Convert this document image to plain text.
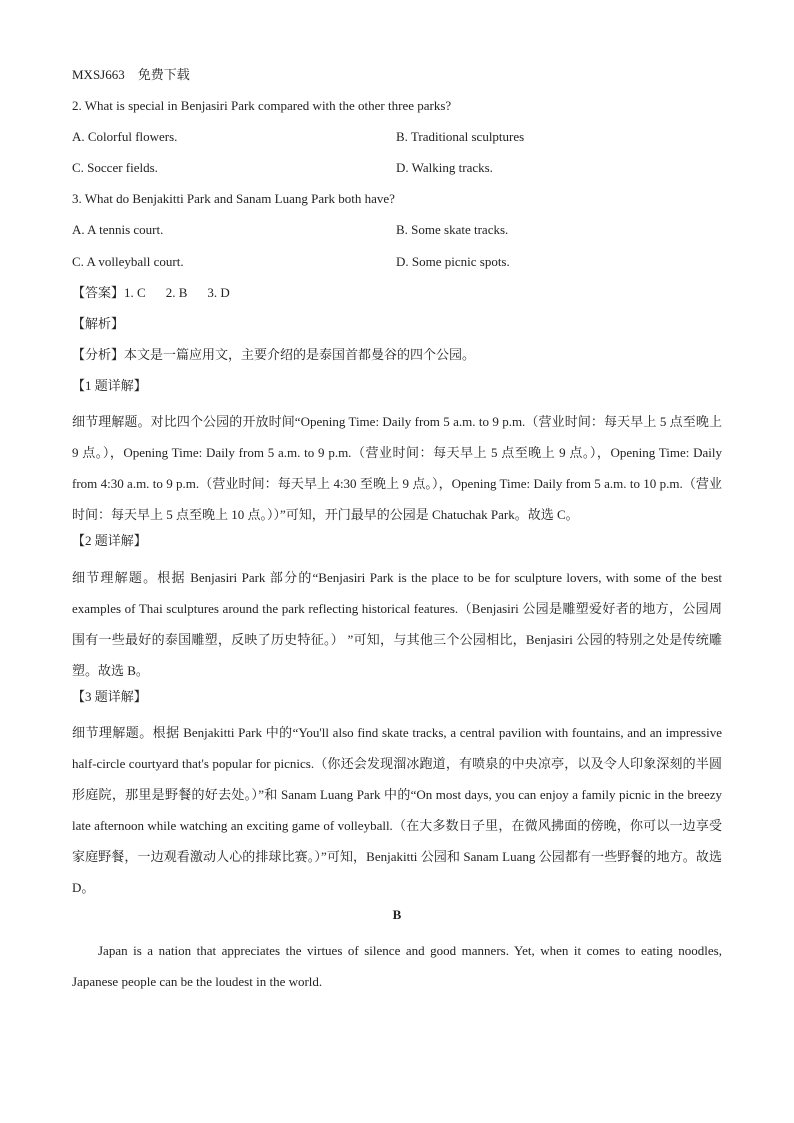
MXSJ663　免费下载
2. What is special in Benjasiri Park compared with the other three parks?
A. Colorful flowers.	B. Traditional sculptures
C. Soccer fields.	D. Walking tracks.
3. What do Benjakitti Park and Sanam Luang Park both have?
A. A tennis court.	B. Some skate tracks.
C. A volleyball court.	D. Some picnic spots.
【答案】1. C 2. B 3. D
【解析】
【分析】本文是一篇应用文，主要介绍的是泰国首都曼谷的四个公园。
【1 题详解】

细节理解题。对比四个公园的开放时间“Opening Time: Daily from 5 a.m. to 9 p.m.（营业时间：每天早上 5 点至晚上 9 点。），Opening Time: Daily from 5 a.m. to 9 p.m.（营业时间：每天早上 5 点至晚上 9 点。），Opening Time: Daily from 4:30 a.m. to 9 p.m.（营业时间：每天早上 4:30 至晚上 9 点。），Opening Time: Daily from 5 a.m. to 10 p.m.（营业时间：每天早上 5 点至晚上 10 点。））”可知，开门最早的公园是 Chatuchak Park。故选 C。

【2 题详解】

细节理解题。根据 Benjasiri Park 部分的“Benjasiri Park is the place to be for sculpture lovers, with some of the best examples of Thai sculptures around the park reflecting historical features.（Benjasiri 公园是雕塑爱好者的地方，公园周围有一些最好的泰国雕塑，反映了历史特征。） ”可知，与其他三个公园相比，Benjasiri 公园的特别之处是传统雕塑。故选 B。

【3 题详解】

细节理解题。根据 Benjakitti Park 中的“You'll also find skate tracks, a central pavilion with fountains, and an impressive half-circle courtyard that's popular for picnics.（你还会发现溜冰跑道，有喷泉的中央凉亭，以及令人印象深刻的半圆形庭院，那里是野餐的好去处。）”和 Sanam Luang Park 中的“On most days, you can enjoy a family picnic in the breezy late afternoon while watching an exciting game of volleyball.（在大多数日子里，在微风拂面的傍晚，你可以一边享受家庭野餐，一边观看激动人心的排球比赛。）”可知，Benjakitti 公园和 Sanam Luang 公园都有一些野餐的地方。故选 D。

B

Japan is a nation that appreciates the virtues of silence and good manners. Yet, when it comes to eating noodles, Japanese people can be the loudest in the world.
